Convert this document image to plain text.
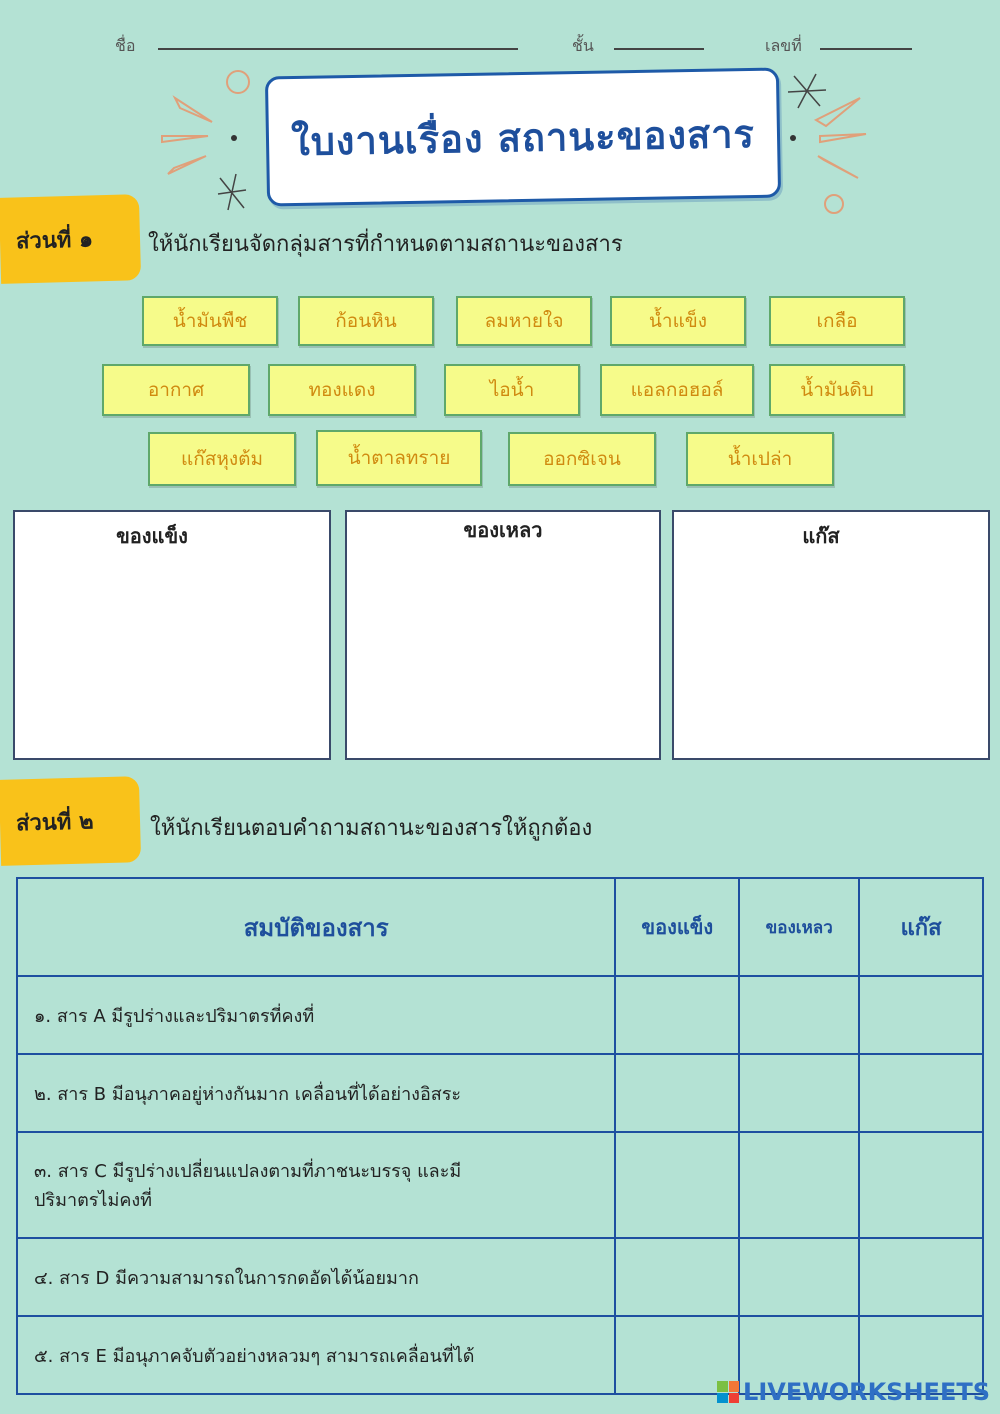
ชื่อ	ชั้น	เลขที่
ใบงานเรื่อง สถานะของสาร
ส่วนที่ ๑	ให้นักเรียนจัดกลุ่มสารที่กำหนดตามสถานะของสาร
น้ำมันพืช	ก้อนหิน	ลมหายใจ	น้ำแข็ง	เกลือ
อากาศ	ทองแดง	ไอน้ำ	แอลกอฮอล์	น้ำมันดิบ
แก๊สหุงต้ม	น้ำตาลทราย	ออกซิเจน	น้ำเปล่า
ของแข็ง	ของเหลว	แก๊ส
ส่วนที่ ๒	ให้นักเรียนตอบคำถามสถานะของสารให้ถูกต้อง
สมบัติของสาร	ของแข็ง	ของเหลว	แก๊ส
๑. สาร A มีรูปร่างและปริมาตรที่คงที่			
๒. สาร B มีอนุภาคอยู่ห่างกันมาก เคลื่อนที่ได้อย่างอิสระ			
๓. สาร C มีรูปร่างเปลี่ยนแปลงตามที่ภาชนะบรรจุ และมีปริมาตรไม่คงที่			
๔. สาร D มีความสามารถในการกดอัดได้น้อยมาก			
๕. สาร E มีอนุภาคจับตัวอย่างหลวมๆ สามารถเคลื่อนที่ได้			
LIVEWORKSHEETS
